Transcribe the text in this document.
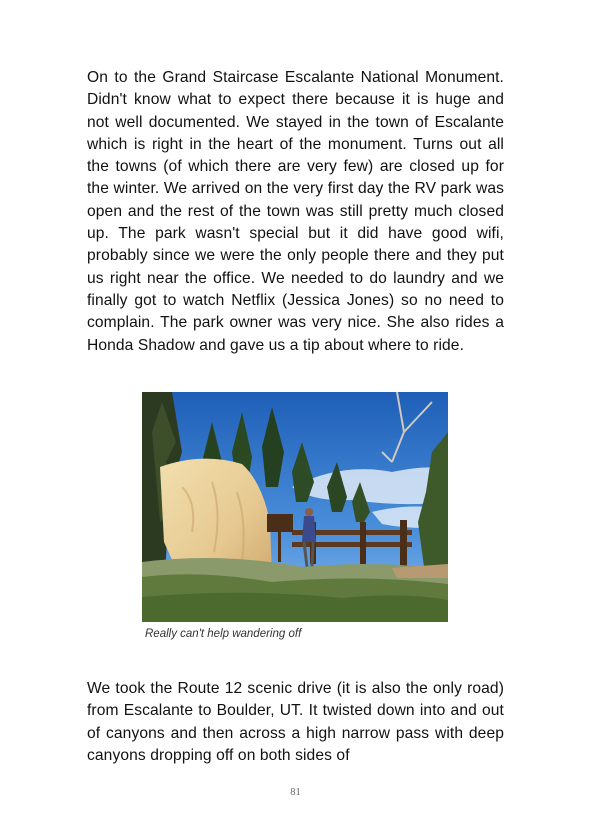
On to the Grand Staircase Escalante National Monument. Didn't know what to expect there because it is huge and not well documented. We stayed in the town of Escalante which is right in the heart of the monument. Turns out all the towns (of which there are very few) are closed up for the winter. We arrived on the very first day the RV park was open and the rest of the town was still pretty much closed up. The park wasn't special but it did have good wifi, probably since we were the only people there and they put us right near the office. We needed to do laundry and we finally got to watch Netflix (Jessica Jones) so no need to complain. The park owner was very nice. She also rides a Honda Shadow and gave us a tip about where to ride.
Really can't help wandering off
We took the Route 12 scenic drive (it is also the only road) from Escalante to Boulder, UT. It twisted down into and out of canyons and then across a high narrow pass with deep canyons dropping off on both sides of
81
